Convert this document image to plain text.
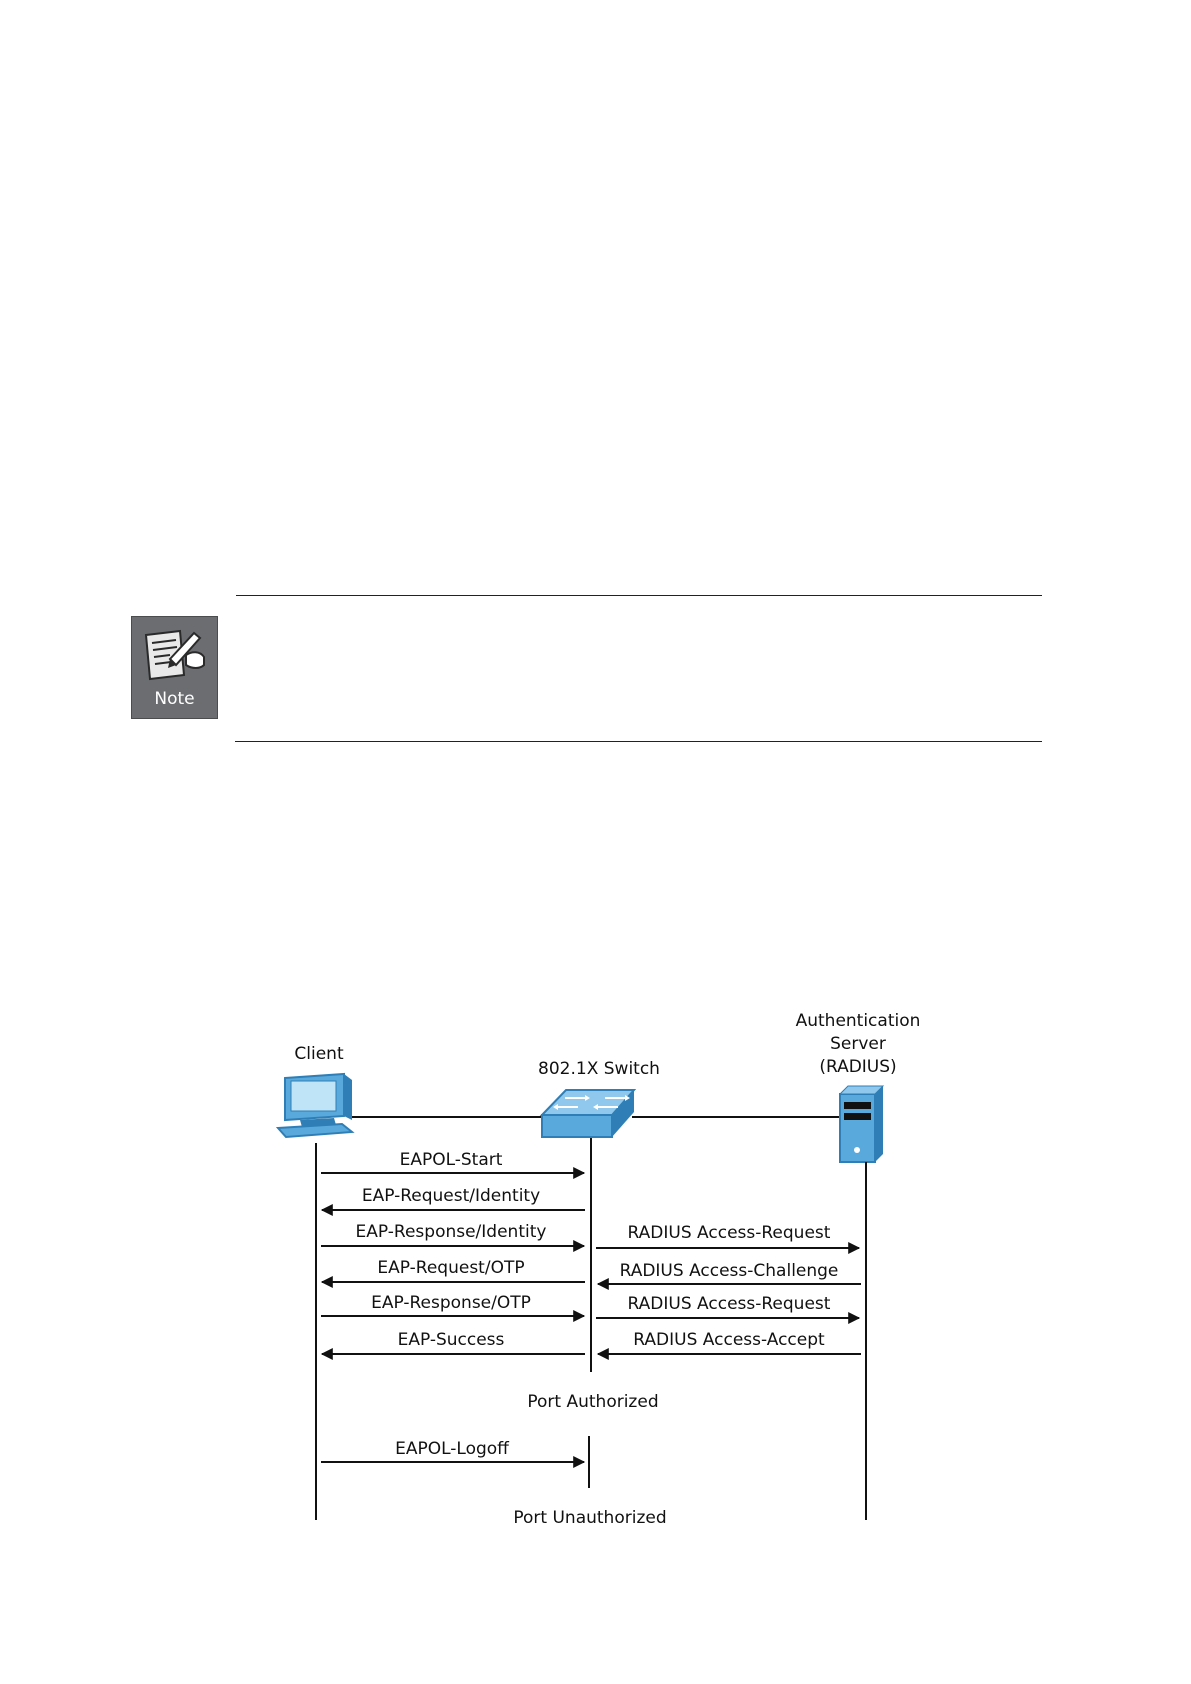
Note
Client
802.1X Switch
Authentication
Server
(RADIUS)
EAPOL-Start
EAP-Request/Identity
EAP-Response/Identity
EAP-Request/OTP
EAP-Response/OTP
EAP-Success
RADIUS Access-Request
RADIUS Access-Challenge
RADIUS Access-Request
RADIUS Access-Accept
Port Authorized
EAPOL-Logoff
Port Unauthorized
